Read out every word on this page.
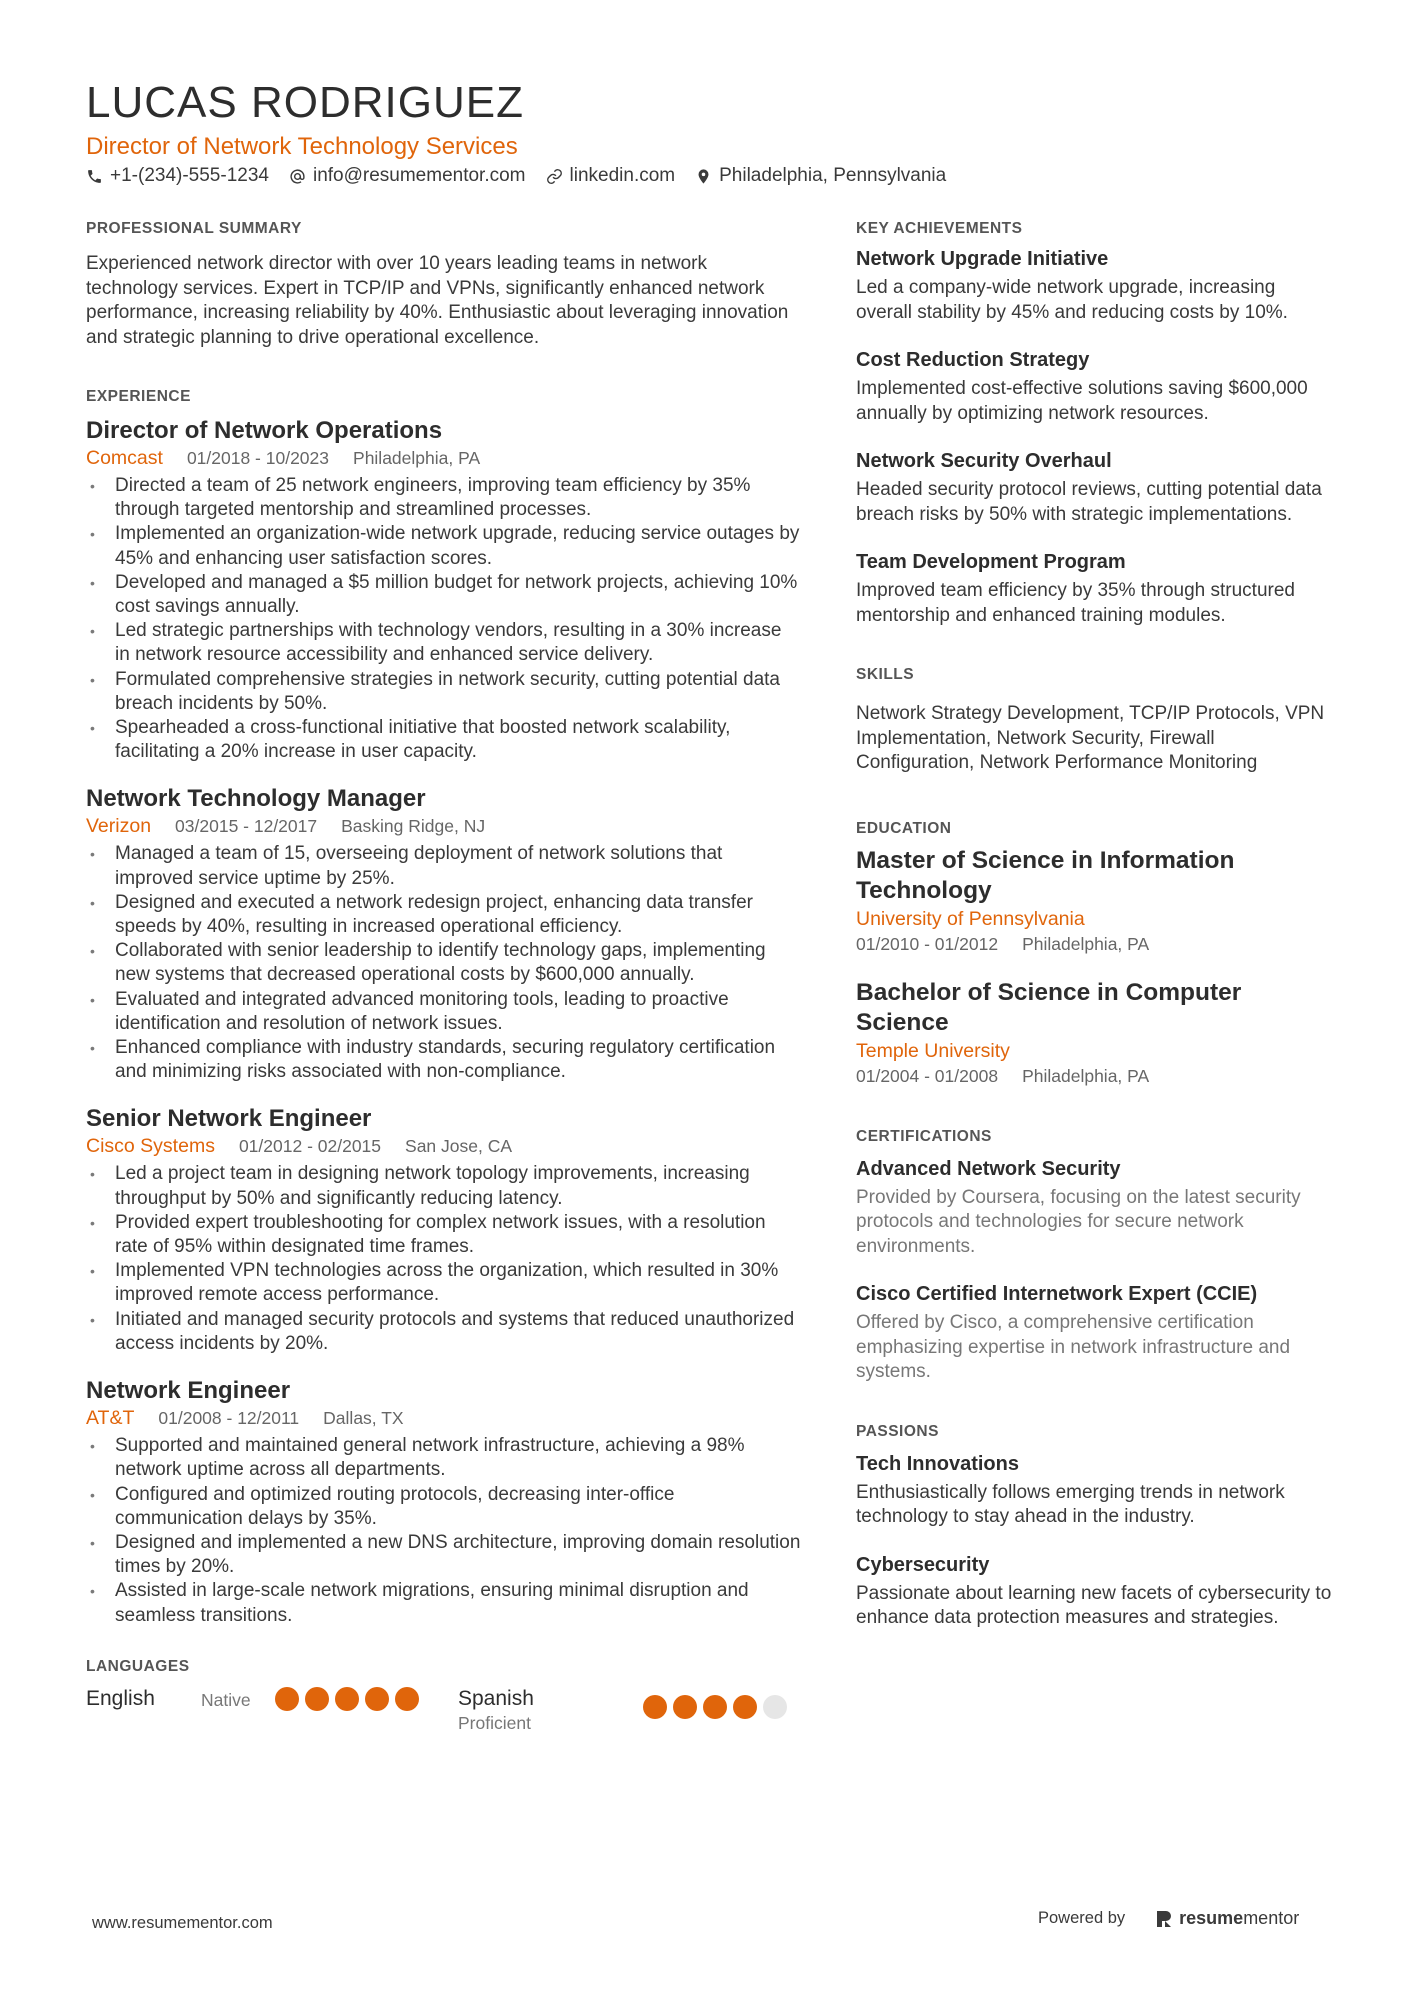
LUCAS RODRIGUEZ
Director of Network Technology Services
+1-(234)-555-1234 info@resumementor.com linkedin.com Philadelphia, Pennsylvania
PROFESSIONAL SUMMARY

Experienced network director with over 10 years leading teams in network technology services. Expert in TCP/IP and VPNs, significantly enhanced network performance, increasing reliability by 40%. Enthusiastic about leveraging innovation and strategic planning to drive operational excellence.

EXPERIENCE
Director of Network Operations
Comcast 01/2018 - 10/2023 Philadelphia, PA
• Directed a team of 25 network engineers, improving team efficiency by 35% through targeted mentorship and streamlined processes.
• Implemented an organization-wide network upgrade, reducing service outages by 45% and enhancing user satisfaction scores.
• Developed and managed a $5 million budget for network projects, achieving 10% cost savings annually.
• Led strategic partnerships with technology vendors, resulting in a 30% increase in network resource accessibility and enhanced service delivery.
• Formulated comprehensive strategies in network security, cutting potential data breach incidents by 50%.
• Spearheaded a cross-functional initiative that boosted network scalability, facilitating a 20% increase in user capacity.
Network Technology Manager
Verizon 03/2015 - 12/2017 Basking Ridge, NJ
• Managed a team of 15, overseeing deployment of network solutions that improved service uptime by 25%.
• Designed and executed a network redesign project, enhancing data transfer speeds by 40%, resulting in increased operational efficiency.
• Collaborated with senior leadership to identify technology gaps, implementing new systems that decreased operational costs by $600,000 annually.
• Evaluated and integrated advanced monitoring tools, leading to proactive identification and resolution of network issues.
• Enhanced compliance with industry standards, securing regulatory certification and minimizing risks associated with non-compliance.
Senior Network Engineer
Cisco Systems 01/2012 - 02/2015 San Jose, CA
• Led a project team in designing network topology improvements, increasing throughput by 50% and significantly reducing latency.
• Provided expert troubleshooting for complex network issues, with a resolution rate of 95% within designated time frames.
• Implemented VPN technologies across the organization, which resulted in 30% improved remote access performance.
• Initiated and managed security protocols and systems that reduced unauthorized access incidents by 20%.
Network Engineer
AT&T 01/2008 - 12/2011 Dallas, TX
• Supported and maintained general network infrastructure, achieving a 98% network uptime across all departments.
• Configured and optimized routing protocols, decreasing inter-office communication delays by 35%.
• Designed and implemented a new DNS architecture, improving domain resolution times by 20%.
• Assisted in large-scale network migrations, ensuring minimal disruption and seamless transitions.
LANGUAGES
English	Native	Spanish
Proficient
KEY ACHIEVEMENTS
Network Upgrade Initiative

Led a company-wide network upgrade, increasing overall stability by 45% and reducing costs by 10%.

Cost Reduction Strategy

Implemented cost-effective solutions saving $600,000 annually by optimizing network resources.

Network Security Overhaul

Headed security protocol reviews, cutting potential data breach risks by 50% with strategic implementations.

Team Development Program

Improved team efficiency by 35% through structured mentorship and enhanced training modules.

SKILLS

Network Strategy Development, TCP/IP Protocols, VPN Implementation, Network Security, Firewall Configuration, Network Performance Monitoring

EDUCATION
Master of Science in Information Technology
University of Pennsylvania
01/2010 - 01/2012 Philadelphia, PA
Bachelor of Science in Computer Science
Temple University
01/2004 - 01/2008 Philadelphia, PA
CERTIFICATIONS
Advanced Network Security

Provided by Coursera, focusing on the latest security protocols and technologies for secure network environments.

Cisco Certified Internetwork Expert (CCIE)

Offered by Cisco, a comprehensive certification emphasizing expertise in network infrastructure and systems.

PASSIONS
Tech Innovations

Enthusiastically follows emerging trends in network technology to stay ahead in the industry.

Cybersecurity

Passionate about learning new facets of cybersecurity to enhance data protection measures and strategies.

www.resumementor.com	Powered by	resume mentor
